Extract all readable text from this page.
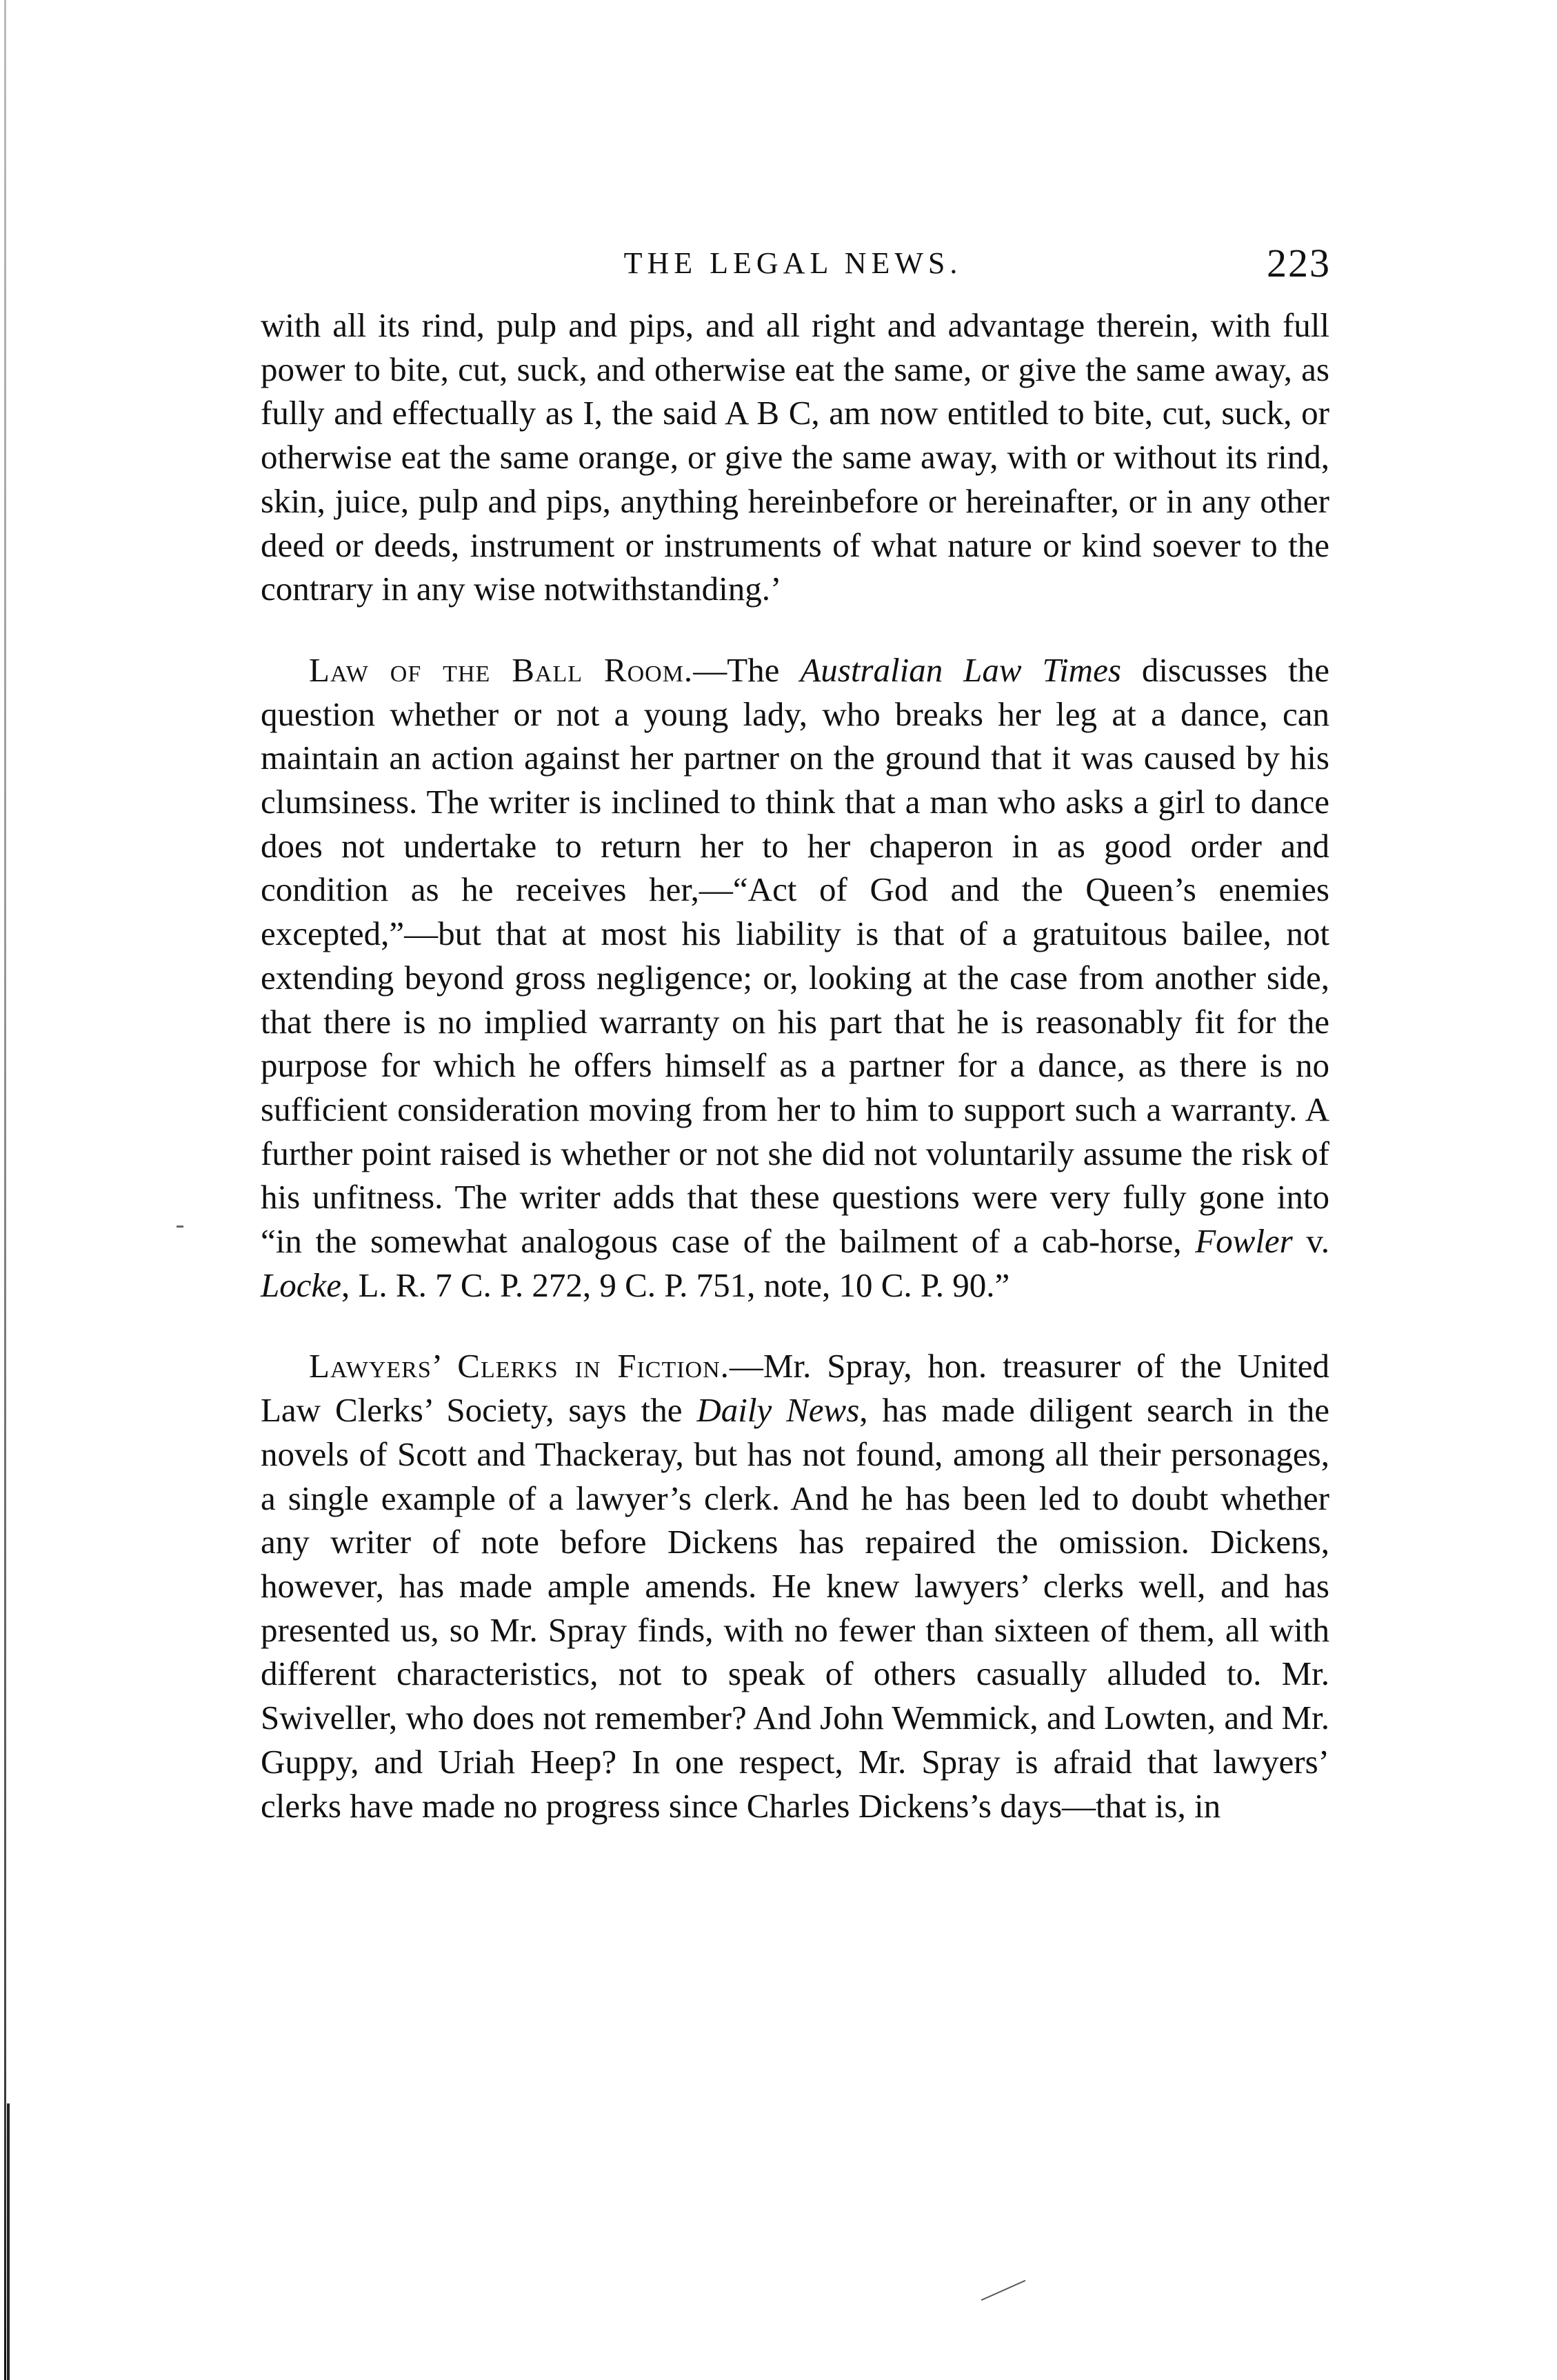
THE LEGAL NEWS.	223

with all its rind, pulp and pips, and all right and advantage therein, with full power to bite, cut, suck, and otherwise eat the same, or give the same away, as fully and effectually as I, the said A B C, am now entitled to bite, cut, suck, or otherwise eat the same orange, or give the same away, with or without its rind, skin, juice, pulp and pips, anything hereinbefore or hereinafter, or in any other deed or deeds, instrument or instruments of what nature or kind soever to the contrary in any wise notwithstanding.’

Law of the Ball Room.—The Australian Law Times discusses the question whether or not a young lady, who breaks her leg at a dance, can maintain an action against her partner on the ground that it was caused by his clumsiness. The writer is inclined to think that a man who asks a girl to dance does not undertake to return her to her chaperon in as good order and condition as he receives her,—“Act of God and the Queen’s enemies excepted,”—but that at most his liability is that of a gratuitous bailee, not extending beyond gross negligence; or, looking at the case from another side, that there is no implied warranty on his part that he is reasonably fit for the purpose for which he offers himself as a partner for a dance, as there is no sufficient consideration moving from her to him to support such a warranty. A further point raised is whether or not she did not voluntarily assume the risk of his unfitness. The writer adds that these questions were very fully gone into “in the somewhat analogous case of the bailment of a cab-horse, Fowler v. Locke, L. R. 7 C. P. 272, 9 C. P. 751, note, 10 C. P. 90.”

Lawyers’ Clerks in Fiction.—Mr. Spray, hon. treasurer of the United Law Clerks’ Society, says the Daily News, has made diligent search in the novels of Scott and Thackeray, but has not found, among all their personages, a single example of a lawyer’s clerk. And he has been led to doubt whether any writer of note before Dickens has repaired the omission. Dickens, however, has made ample amends. He knew lawyers’ clerks well, and has presented us, so Mr. Spray finds, with no fewer than sixteen of them, all with different characteristics, not to speak of others casually alluded to. Mr. Swiveller, who does not remember? And John Wemmick, and Lowten, and Mr. Guppy, and Uriah Heep? In one respect, Mr. Spray is afraid that lawyers’ clerks have made no progress since Charles Dickens’s days—that is, in
